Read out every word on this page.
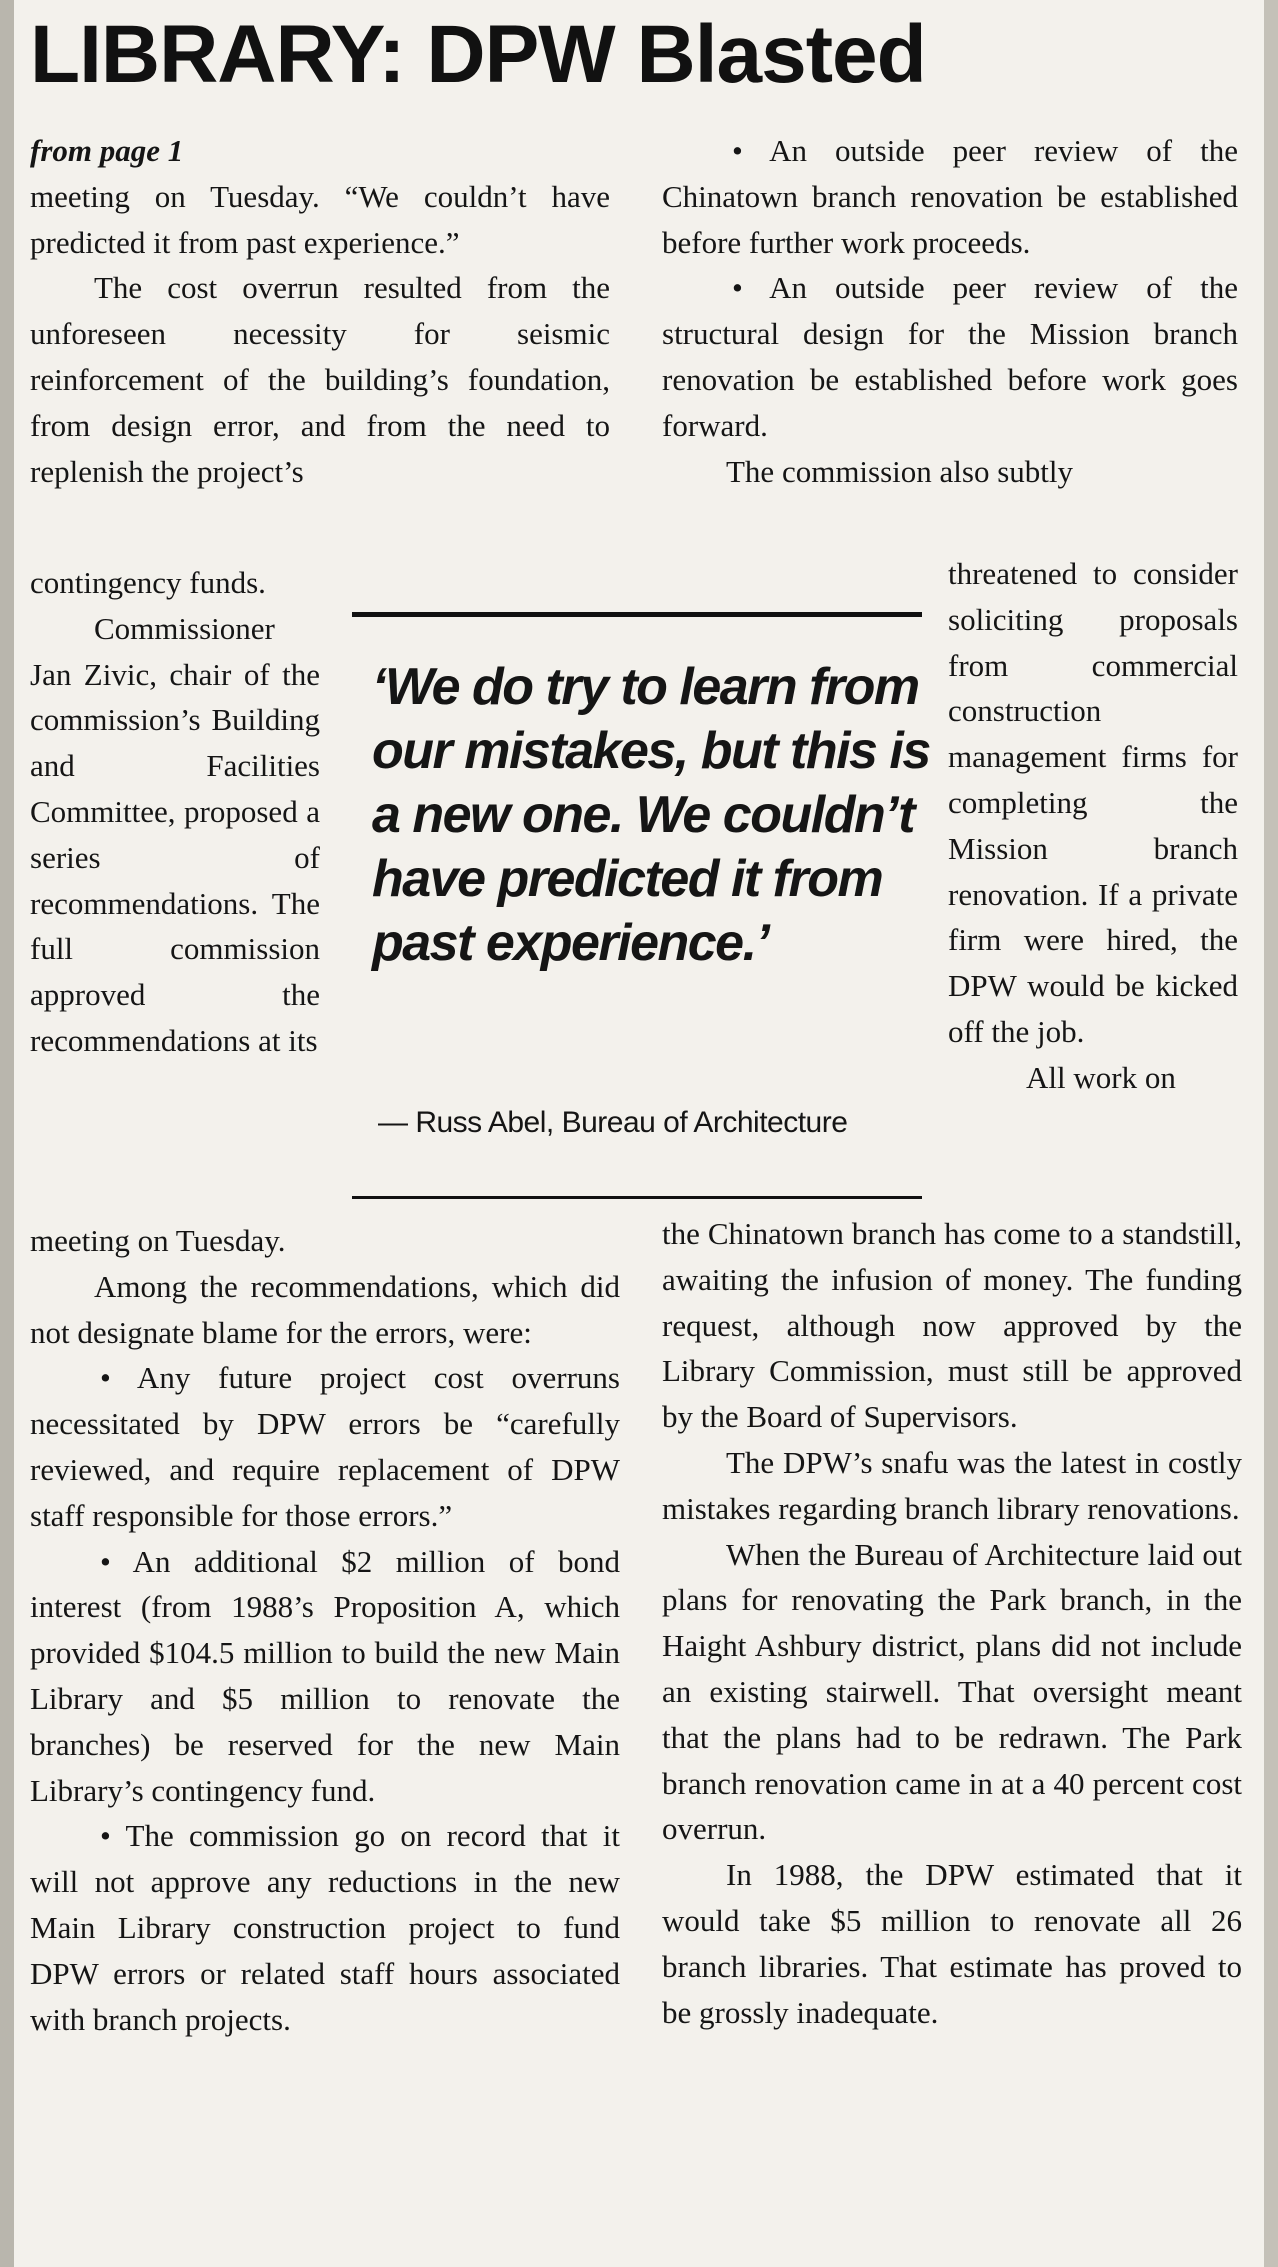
LIBRARY: DPW Blasted

from page 1

meeting on Tuesday. “We couldn’t have predicted it from past experience.”

The cost overrun resulted from the unforeseen necessity for seismic reinforcement of the building’s foundation, from design error, and from the need to replenish the project’s

contingency funds.

Commissioner Jan Zivic, chair of the commission’s Building and Facilities Committee, proposed a series of recommendations. The full commission approved the recommendations at its

meeting on Tuesday.

Among the recommendations, which did not designate blame for the errors, were:

• Any future project cost overruns necessitated by DPW errors be “carefully reviewed, and require replacement of DPW staff responsible for those errors.”

• An additional $2 million of bond interest (from 1988’s Proposition A, which provided $104.5 million to build the new Main Library and $5 million to renovate the branches) be reserved for the new Main Library’s contingency fund.

• The commission go on record that it will not approve any reductions in the new Main Library construction project to fund DPW errors or related staff hours associated with branch projects.

• An outside peer review of the Chinatown branch renovation be established before further work proceeds.

• An outside peer review of the structural design for the Mission branch renovation be established before work goes forward.

The commission also subtly

threatened to consider soliciting proposals from commercial construction management firms for completing the Mission branch renovation. If a private firm were hired, the DPW would be kicked off the job.

All work on

the Chinatown branch has come to a standstill, awaiting the infusion of money. The funding request, although now approved by the Library Commission, must still be approved by the Board of Supervisors.

The DPW’s snafu was the latest in costly mistakes regarding branch library renovations.

When the Bureau of Architecture laid out plans for renovating the Park branch, in the Haight Ashbury district, plans did not include an existing stairwell. That oversight meant that the plans had to be redrawn. The Park branch renovation came in at a 40 percent cost overrun.

In 1988, the DPW estimated that it would take $5 million to renovate all 26 branch libraries. That estimate has proved to be grossly inadequate.

‘We do try to learn from our mistakes, but this is a new one. We couldn’t have predicted it from past experience.’

— Russ Abel, Bureau of Architecture
